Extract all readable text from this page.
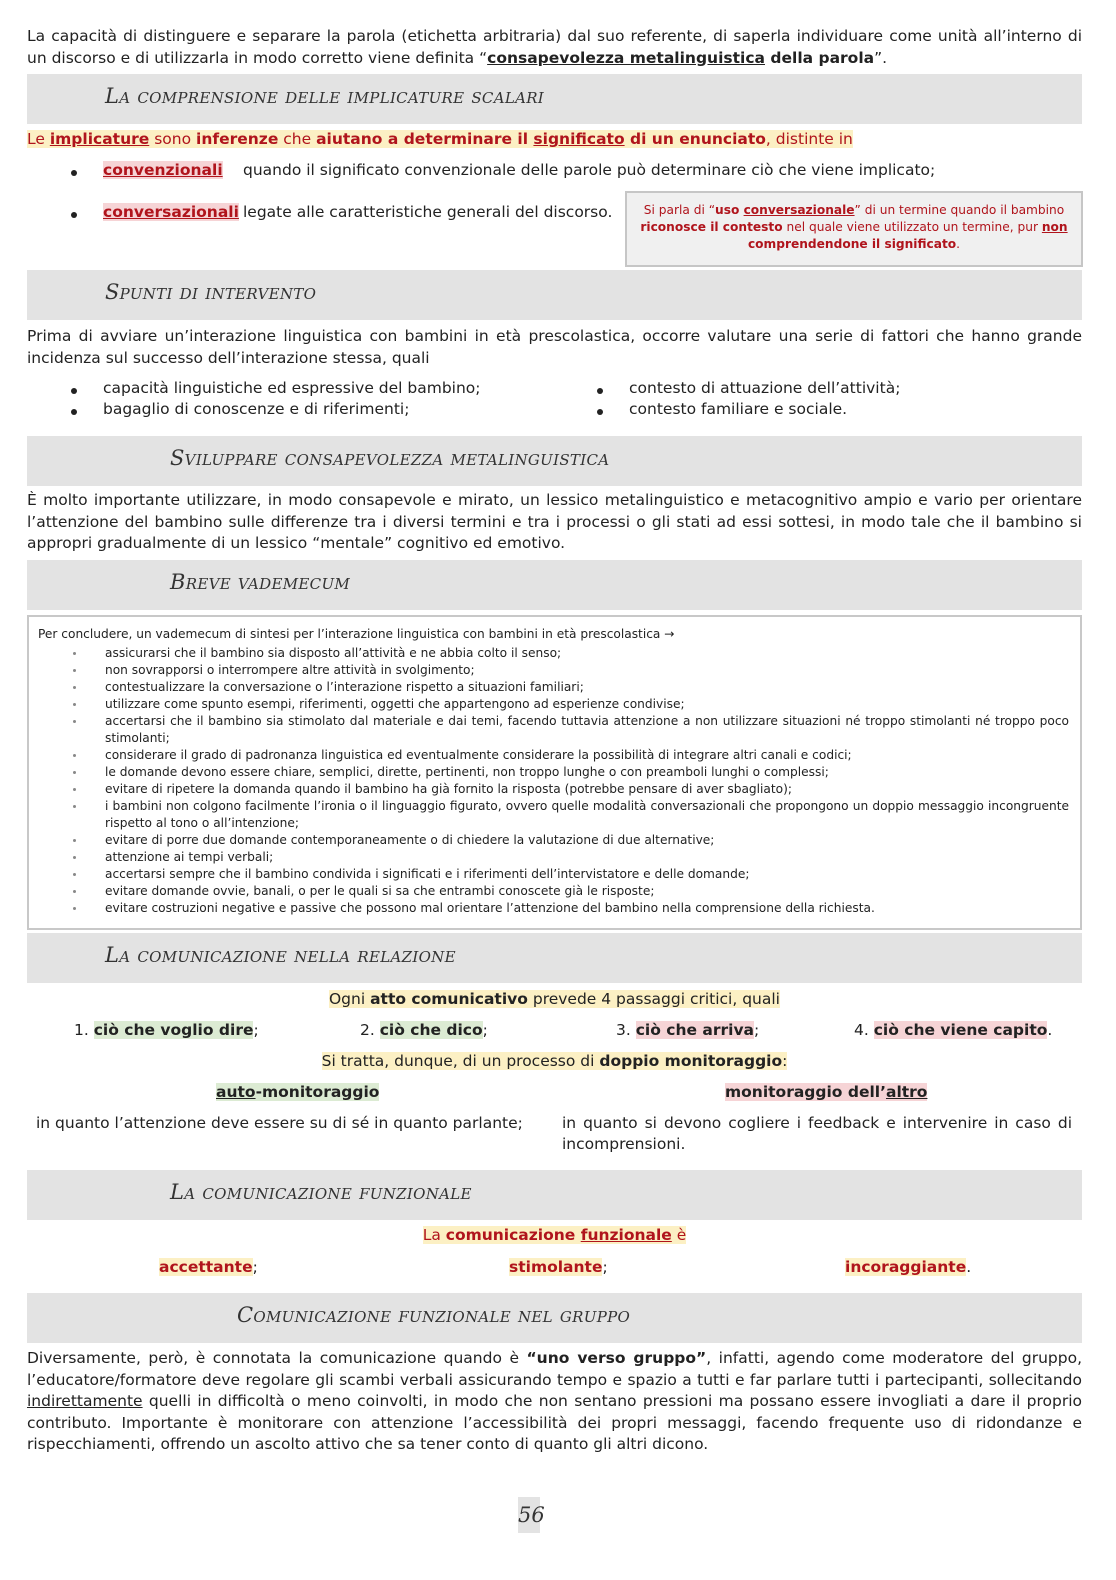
La capacità di distinguere e separare la parola (etichetta arbitraria) dal suo referente, di saperla individuare come unità all’interno di un discorso e di utilizzarla in modo corretto viene definita “consapevolezza metalinguistica della parola”.
La comprensione delle implicature scalari
Le implicature sono inferenze che aiutano a determinare il significato di un enunciato, distinte in
convenzionali quando il significato convenzionale delle parole può determinare ciò che viene implicato;
conversazionali legate alle caratteristiche generali del discorso.	Si parla di “uso conversazionale” di un termine quando il bambino riconosce il contesto nel quale viene utilizzato un termine, pur non comprendendone il significato.
Spunti di intervento
Prima di avviare un’interazione linguistica con bambini in età prescolastica, occorre valutare una serie di fattori che hanno grande incidenza sul successo dell’interazione stessa, quali
capacità linguistiche ed espressive del bambino;
bagaglio di conoscenze e di riferimenti;
contesto di attuazione dell’attività;
contesto familiare e sociale.
Sviluppare consapevolezza metalinguistica
È molto importante utilizzare, in modo consapevole e mirato, un lessico metalinguistico e metacognitivo ampio e vario per orientare l’attenzione del bambino sulle differenze tra i diversi termini e tra i processi o gli stati ad essi sottesi, in modo tale che il bambino si appropri gradualmente di un lessico “mentale” cognitivo ed emotivo.
Breve vademecum
Per concludere, un vademecum di sintesi per l’interazione linguistica con bambini in età prescolastica →
assicurarsi che il bambino sia disposto all’attività e ne abbia colto il senso;
non sovrapporsi o interrompere altre attività in svolgimento;
contestualizzare la conversazione o l’interazione rispetto a situazioni familiari;
utilizzare come spunto esempi, riferimenti, oggetti che appartengono ad esperienze condivise;
accertarsi che il bambino sia stimolato dal materiale e dai temi, facendo tuttavia attenzione a non utilizzare situazioni né troppo stimolanti né troppo poco stimolanti;
considerare il grado di padronanza linguistica ed eventualmente considerare la possibilità di integrare altri canali e codici;
le domande devono essere chiare, semplici, dirette, pertinenti, non troppo lunghe o con preamboli lunghi o complessi;
evitare di ripetere la domanda quando il bambino ha già fornito la risposta (potrebbe pensare di aver sbagliato);
i bambini non colgono facilmente l’ironia o il linguaggio figurato, ovvero quelle modalità conversazionali che propongono un doppio messaggio incongruente rispetto al tono o all’intenzione;
evitare di porre due domande contemporaneamente o di chiedere la valutazione di due alternative;
attenzione ai tempi verbali;
accertarsi sempre che il bambino condivida i significati e i riferimenti dell’intervistatore e delle domande;
evitare domande ovvie, banali, o per le quali si sa che entrambi conoscete già le risposte;
evitare costruzioni negative e passive che possono mal orientare l’attenzione del bambino nella comprensione della richiesta.
La comunicazione nella relazione
Ogni atto comunicativo prevede 4 passaggi critici, quali
1. ciò che voglio dire;	2. ciò che dico;	3. ciò che arriva;	4. ciò che viene capito.
Si tratta, dunque, di un processo di doppio monitoraggio:
auto-monitoraggio	monitoraggio dell’altro
in quanto l’attenzione deve essere su di sé in quanto parlante;	in quanto si devono cogliere i feedback e intervenire in caso di incomprensioni.
La comunicazione funzionale
La comunicazione funzionale è
accettante;	stimolante;	incoraggiante.
Comunicazione funzionale nel gruppo
Diversamente, però, è connotata la comunicazione quando è “uno verso gruppo”, infatti, agendo come moderatore del gruppo, l’educatore/formatore deve regolare gli scambi verbali assicurando tempo e spazio a tutti e far parlare tutti i partecipanti, sollecitando indirettamente quelli in difficoltà o meno coinvolti, in modo che non sentano pressioni ma possano essere invogliati a dare il proprio contributo. Importante è monitorare con attenzione l’accessibilità dei propri messaggi, facendo frequente uso di ridondanze e rispecchiamenti, offrendo un ascolto attivo che sa tener conto di quanto gli altri dicono.
56
